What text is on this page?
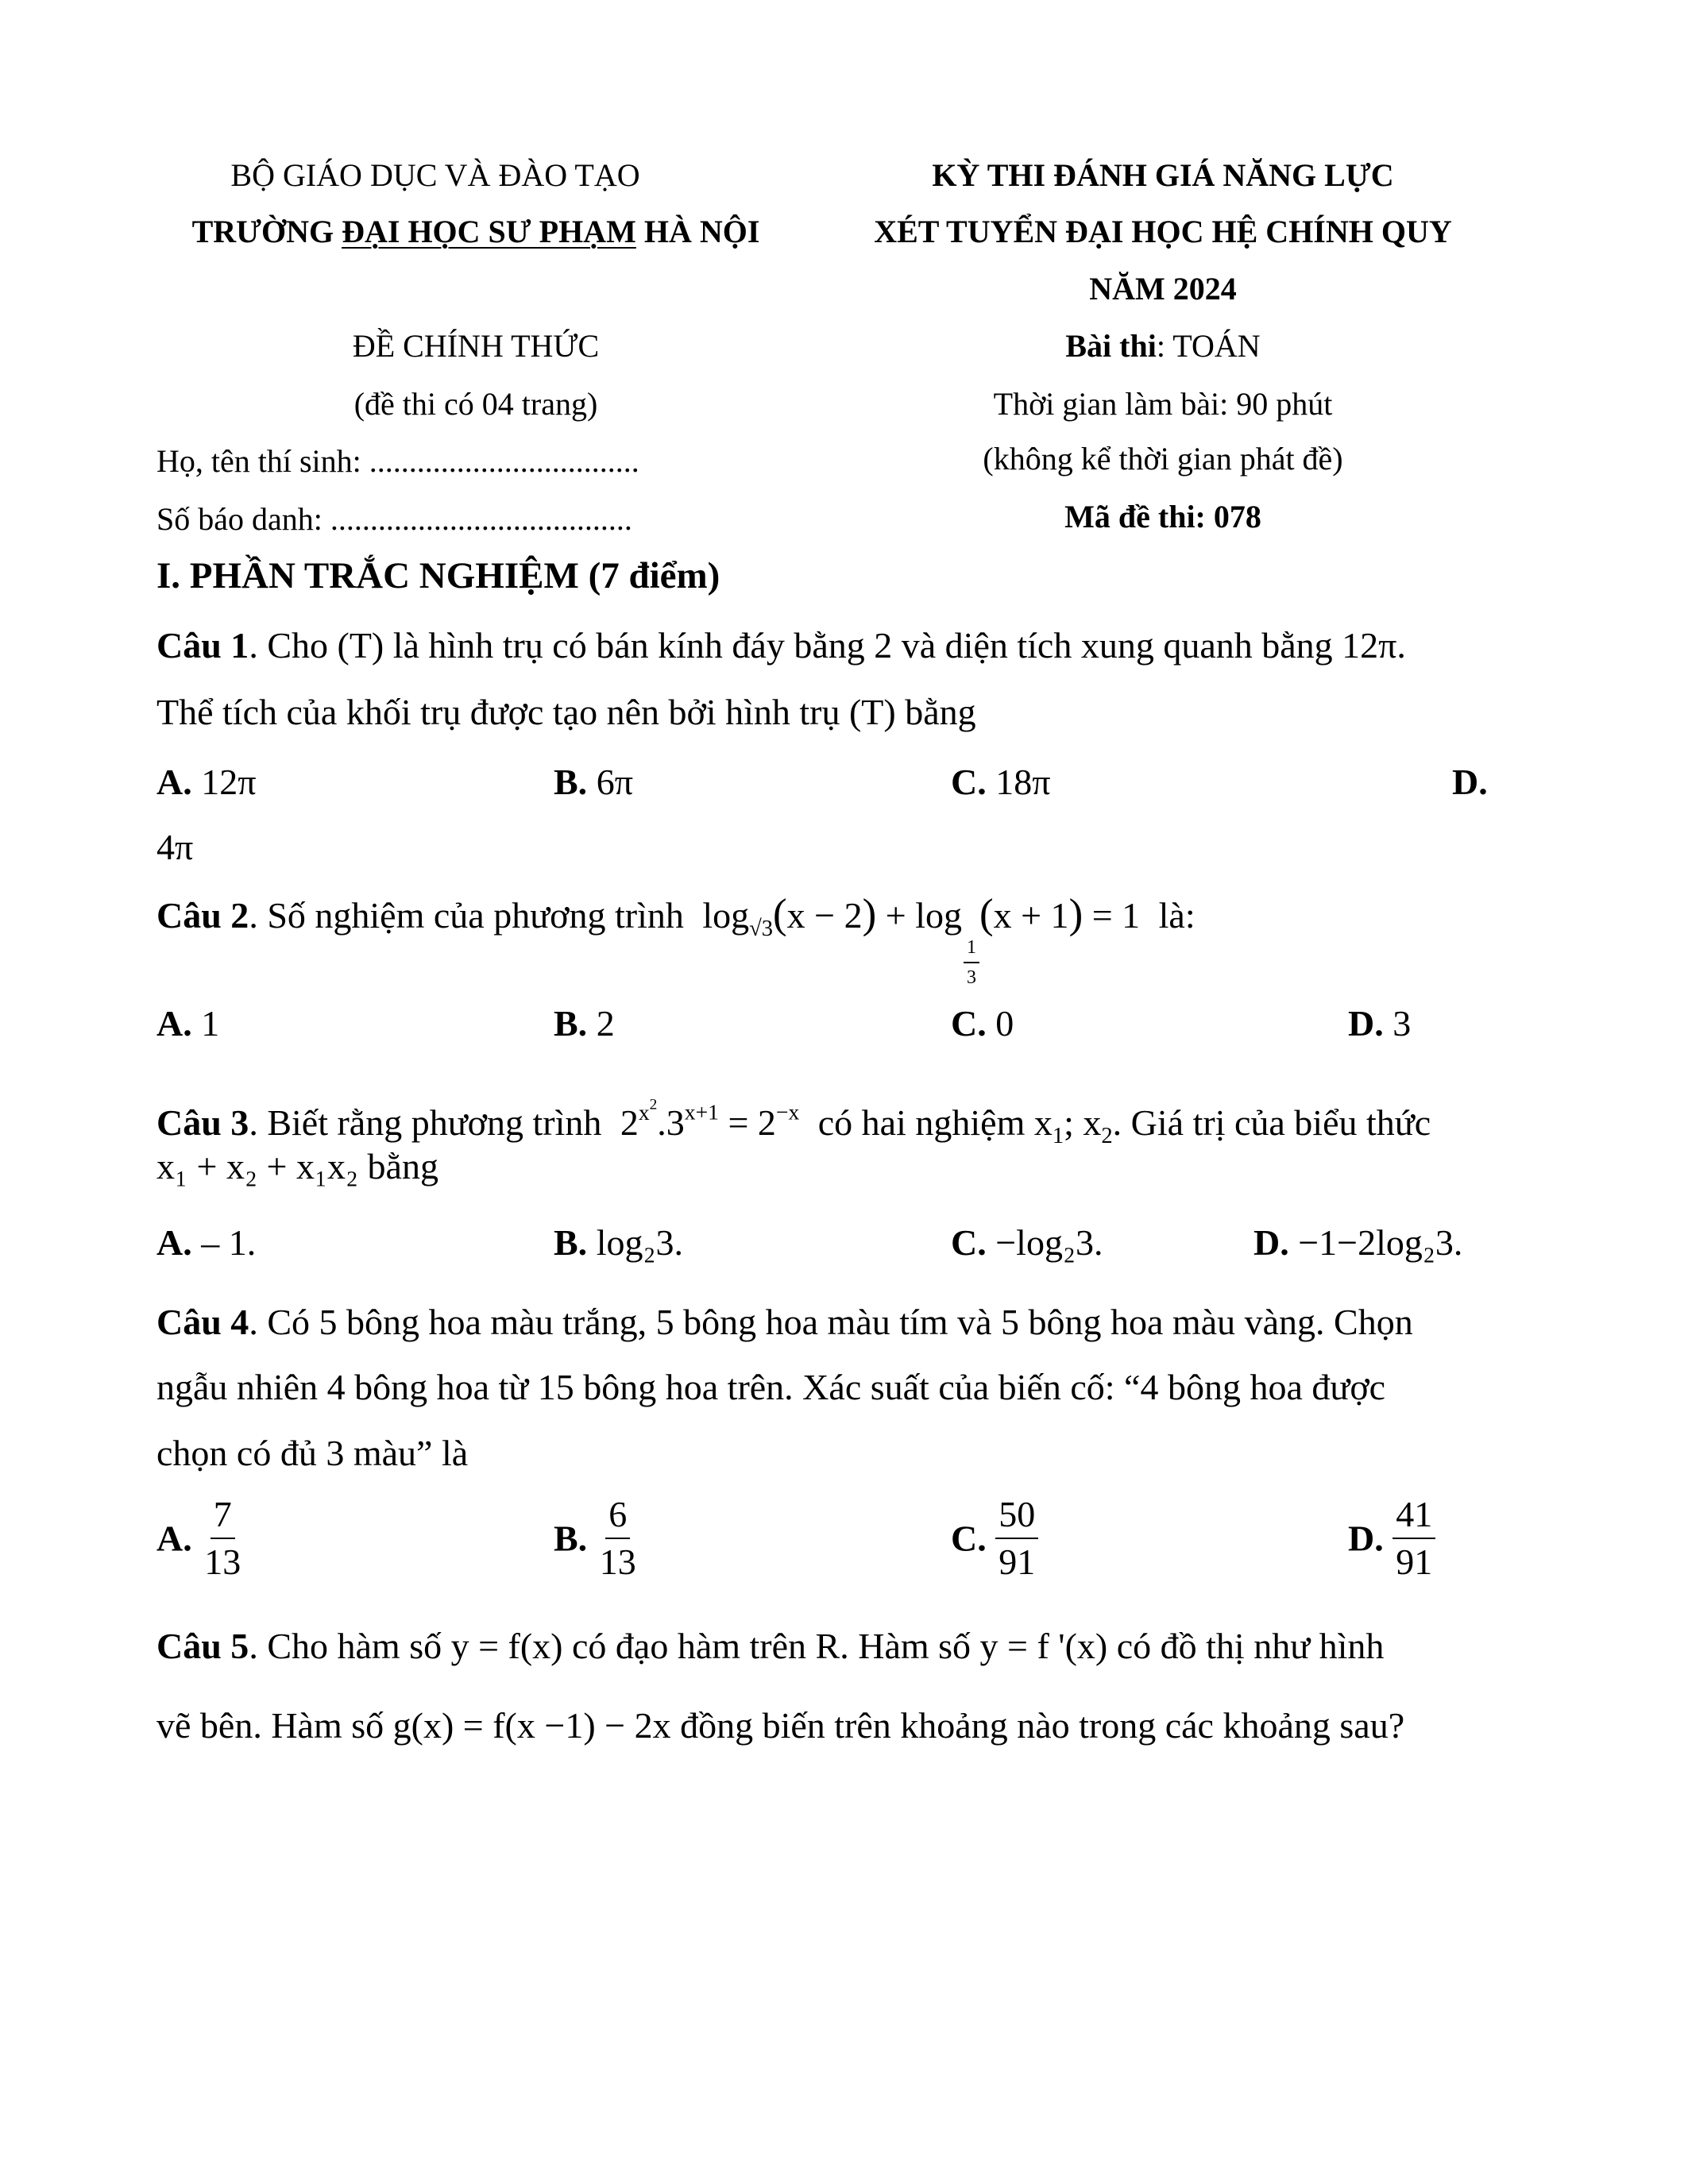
BỘ GIÁO DỤC VÀ ĐÀO TẠO
TRƯỜNG ĐẠI HỌC SƯ PHẠM HÀ NỘI
ĐỀ CHÍNH THỨC
(đề thi có 04 trang)
Họ, tên thí sinh: ..................................
Số báo danh: ......................................
KỲ THI ĐÁNH GIÁ NĂNG LỰC
XÉT TUYỂN ĐẠI HỌC HỆ CHÍNH QUY
NĂM 2024
Bài thi: TOÁN
Thời gian làm bài: 90 phút
(không kể thời gian phát đề)
Mã đề thi: 078
I. PHẦN TRẮC NGHIỆM (7 điểm)
Câu 1. Cho (T) là hình trụ có bán kính đáy bằng 2 và diện tích xung quanh bằng 12π.
Thể tích của khối trụ được tạo nên bởi hình trụ (T) bằng
A. 12π	B. 6π	C. 18π	D.
4π
Câu 2. Số nghiệm của phương trình $\log_{√3}(x - 2) + \log$
$\frac{1}{3}$
(x + 1) = 1 là:
A. 1	B. 2	C. 0	D. 3
Câu 3. Biết rằng phương trình $2^{x^2}.3^{x+1} = 2^{-x}$ có hai nghiệm $x_1$; $x_2$. Giá trị của biểu thức
x₁ + x₂ + x₁x₂ bằng
A. – 1.	B. log₂3.	C. −log₂3.	D. −1−2log₂3.
Câu 4. Có 5 bông hoa màu trắng, 5 bông hoa màu tím và 5 bông hoa màu vàng. Chọn
ngẫu nhiên 4 bông hoa từ 15 bông hoa trên. Xác suất của biến cố: “4 bông hoa được
chọn có đủ 3 màu” là
A. $\frac{7}{13}$	B. $\frac{6}{13}$	C. $\frac{50}{91}$	D. $\frac{41}{91}$
Câu 5. Cho hàm số y = f(x) có đạo hàm trên R. Hàm số y = f '(x) có đồ thị như hình
vẽ bên. Hàm số g(x) = f(x −1) − 2x đồng biến trên khoảng nào trong các khoảng sau?
